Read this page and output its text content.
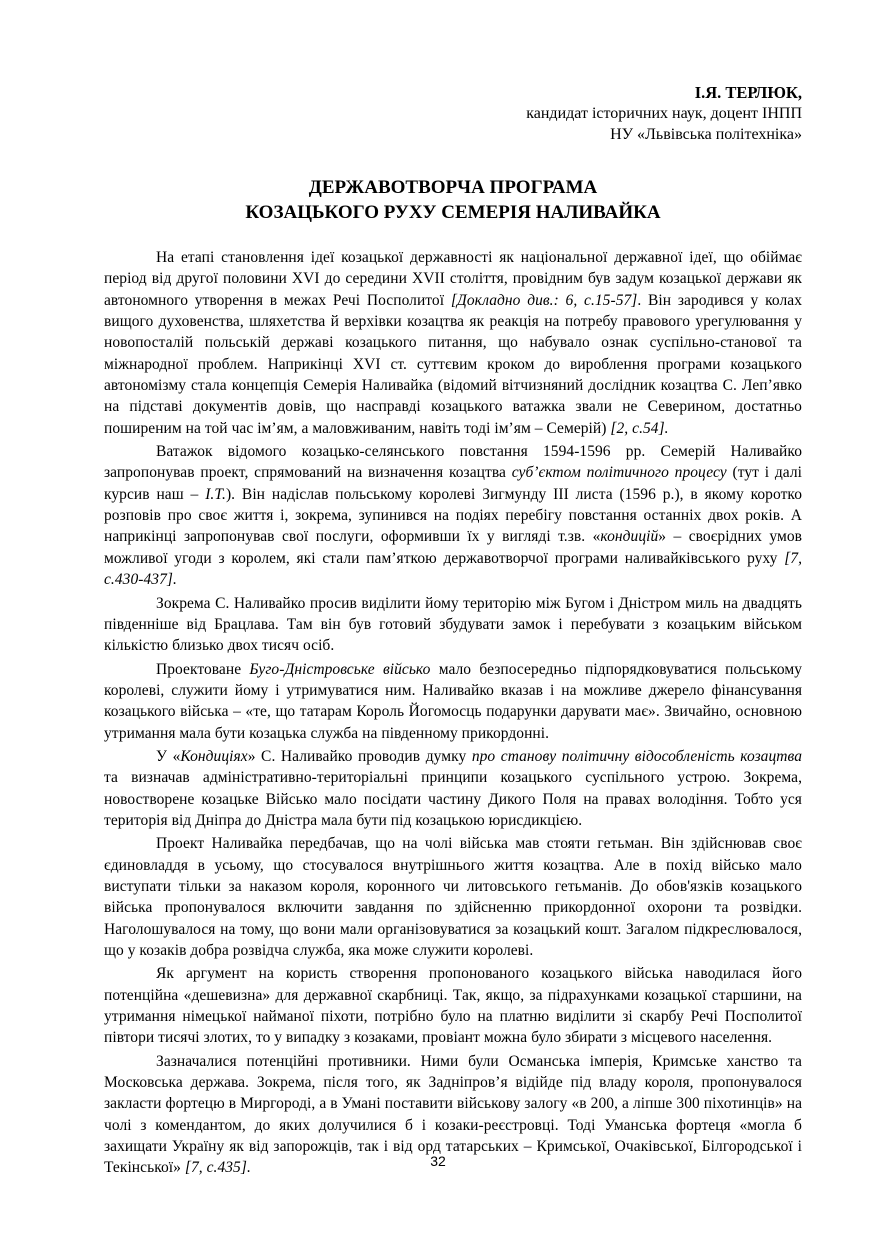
І.Я. ТЕРЛЮК,
кандидат історичних наук, доцент ІНПП
НУ «Львівська політехніка»
ДЕРЖАВОТВОРЧА ПРОГРАМА
КОЗАЦЬКОГО РУХУ СЕМЕРІЯ НАЛИВАЙКА

На етапі становлення ідеї козацької державності як національної державної ідеї, що обіймає період від другої половини XVI до середини XVII століття, провідним був задум козацької держави як автономного утворення в межах Речі Посполитої [Докладно див.: 6, с.15-57]. Він зародився у колах вищого духовенства, шляхетства й верхівки козацтва як реакція на потребу правового урегулювання у новопосталій польській державі козацького питання, що набувало ознак суспільно-станової та міжнародної проблем. Наприкінці XVI ст. суттєвим кроком до вироблення програми козацького автономізму стала концепція Семерія Наливайка (відомий вітчизняний дослідник козацтва С. Леп’явко на підставі документів довів, що насправді козацького ватажка звали не Северином, достатньо поширеним на той час ім’ям, а маловживаним, навіть тоді ім’ям – Семерій) [2, с.54].

Ватажок відомого козацько-селянського повстання 1594-1596 рр. Семерій Наливайко запропонував проект, спрямований на визначення козацтва суб’єктом політичного процесу (тут і далі курсив наш – І.Т.). Він надіслав польському королеві Зигмунду III листа (1596 р.), в якому коротко розповів про своє життя і, зокрема, зупинився на подіях перебігу повстання останніх двох років. А наприкінці запропонував свої послуги, оформивши їх у вигляді т.зв. «кондицій» – своєрідних умов можливої угоди з королем, які стали пам’яткою державотворчої програми наливайківського руху [7, с.430-437].

Зокрема С. Наливайко просив виділити йому територію між Бугом і Дністром миль на двадцять південніше від Брацлава. Там він був готовий збудувати замок і перебувати з козацьким військом кількістю близько двох тисяч осіб.

Проектоване Буго-Дністровське військо мало безпосередньо підпорядковуватися польському королеві, служити йому і утримуватися ним. Наливайко вказав і на можливе джерело фінансування козацького війська – «те, що татарам Король Йогомосць подарунки дарувати має». Звичайно, основною утримання мала бути козацька служба на південному прикордонні.

У «Кондиціях» С. Наливайко проводив думку про станову політичну відособленість козацтва та визначав адміністративно-територіальні принципи козацького суспільного устрою. Зокрема, новостворене козацьке Військо мало посідати частину Дикого Поля на правах володіння. Тобто уся територія від Дніпра до Дністра мала бути під козацькою юрисдикцією.

Проект Наливайка передбачав, що на чолі війська мав стояти гетьман. Він здійснював своє єдиновладдя в усьому, що стосувалося внутрішнього життя козацтва. Але в похід військо мало виступати тільки за наказом короля, коронного чи литовського гетьманів. До обов'язків козацького війська пропонувалося включити завдання по здійсненню прикордонної охорони та розвідки. Наголошувалося на тому, що вони мали організовуватися за козацький кошт. Загалом підкреслювалося, що у козаків добра розвідча служба, яка може служити королеві.

Як аргумент на користь створення пропонованого козацького війська наводилася його потенційна «дешевизна» для державної скарбниці. Так, якщо, за підрахунками козацької старшини, на утримання німецької найманої піхоти, потрібно було на платню виділити зі скарбу Речі Посполитої півтори тисячі злотих, то у випадку з козаками, провіант можна було збирати з місцевого населення.

Зазначалися потенційні противники. Ними були Османська імперія, Кримське ханство та Московська держава. Зокрема, після того, як Задніпров’я відійде під владу короля, пропонувалося закласти фортецю в Миргороді, а в Умані поставити військову залогу «в 200, а ліпше 300 піхотинців» на чолі з комендантом, до яких долучилися б і козаки-реєстровці. Тоді Уманська фортеця «могла б захищати Україну як від запорожців, так і від орд татарських – Кримської, Очаківської, Білгородської і Текінської» [7, с.435].	32
